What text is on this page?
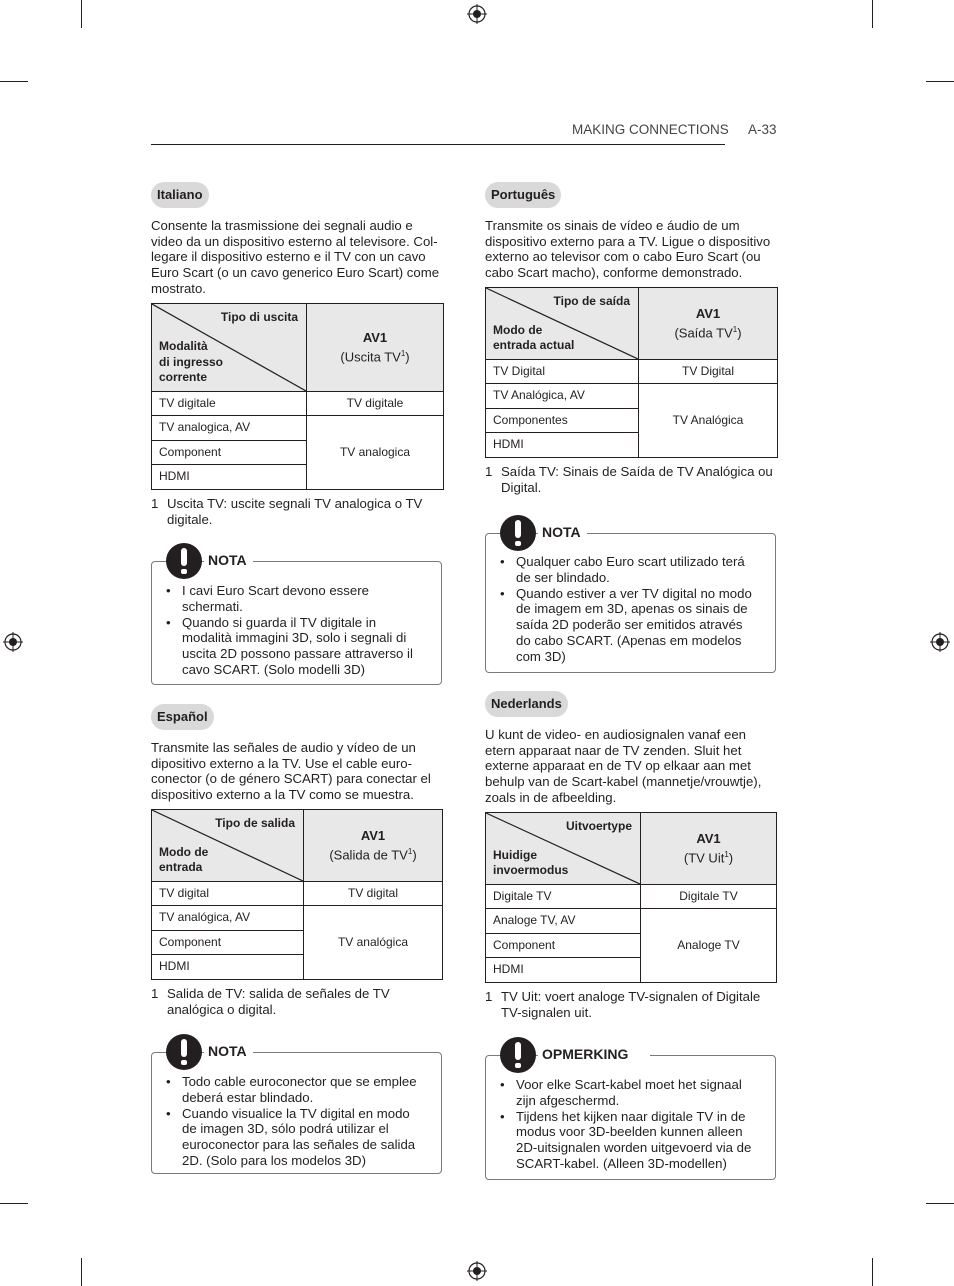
MAKING CONNECTIONS A-33
Italiano
Consente la trasmissione dei segnali audio e
video da un dispositivo esterno al televisore. Col-
legare il dispositivo esterno e il TV con un cavo
Euro Scart (o un cavo generico Euro Scart) come
mostrato.
Tipo di uscita
Modalità
di ingresso
corrente	AV1
(Uscita $TV^1$)
TV digitale	TV digitale
TV analogica, AV	TV analogica
Component	
HDMI	
1 Uscita TV: uscite segnali TV analogica o TV
digitale.
NOTA
• I cavi Euro Scart devono essere
schermati.
• Quando si guarda il TV digitale in
modalità immagini 3D, solo i segnali di
uscita 2D possono passare attraverso il
cavo SCART. (Solo modelli 3D)
Español
Transmite las señales de audio y vídeo de un
dipositivo externo a la TV. Use el cable euro-
conector (o de género SCART) para conectar el
dispositivo externo a la TV como se muestra.
Tipo de salida
Modo de
entrada	AV1
(Salida de $TV^1$)
TV digital	TV digital
TV analógica, AV	TV analógica
Component	
HDMI	
1 Salida de TV: salida de señales de TV
analógica o digital.
NOTA
• Todo cable euroconector que se emplee
deberá estar blindado.
• Cuando visualice la TV digital en modo
de imagen 3D, sólo podrá utilizar el
euroconector para las señales de salida
2D. (Solo para los modelos 3D)
Português
Transmite os sinais de vídeo e áudio de um
dispositivo externo para a TV. Ligue o dispositivo
externo ao televisor com o cabo Euro Scart (ou
cabo Scart macho), conforme demonstrado.
Tipo de saída
Modo de
entrada actual	AV1
(Saída $TV^1$)
TV Digital	TV Digital
TV Analógica, AV	TV Analógica
Componentes	
HDMI	
1 Saída TV: Sinais de Saída de TV Analógica ou
Digital.
NOTA
• Qualquer cabo Euro scart utilizado terá
de ser blindado.
• Quando estiver a ver TV digital no modo
de imagem em 3D, apenas os sinais de
saída 2D poderão ser emitidos através
do cabo SCART. (Apenas em modelos
com 3D)
Nederlands
U kunt de video- en audiosignalen vanaf een
etern apparaat naar de TV zenden. Sluit het
externe apparaat en de TV op elkaar aan met
behulp van de Scart-kabel (mannetje/vrouwtje),
zoals in de afbeelding.
Uitvoertype
Huidige
invoermodus	AV1
(TV Uit$^1$)
Digitale TV	Digitale TV
Analoge TV, AV	Analoge TV
Component	
HDMI	
1 TV Uit: voert analoge TV-signalen of Digitale
TV-signalen uit.
OPMERKING
• Voor elke Scart-kabel moet het signaal
zijn afgeschermd.
• Tijdens het kijken naar digitale TV in de
modus voor 3D-beelden kunnen alleen
2D-uitsignalen worden uitgevoerd via de
SCART-kabel. (Alleen 3D-modellen)
